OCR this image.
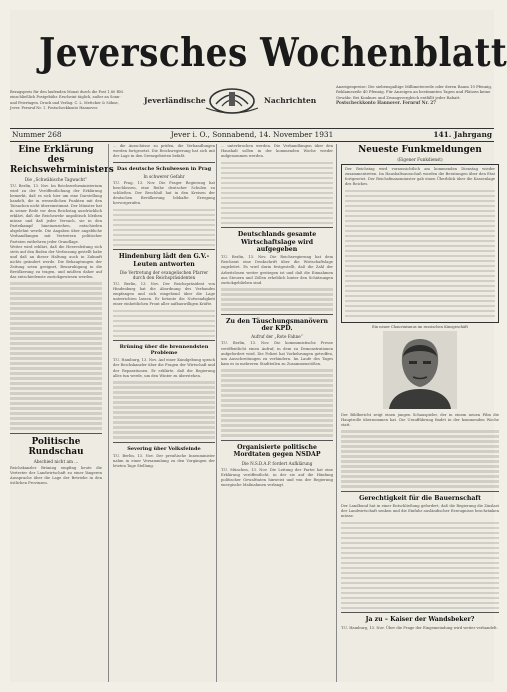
Jeversches Wochenblatt
Bezugspreis für den laufenden Monat durch die Post 1,80 RM. einschließlich Postgebühr. Erscheint täglich, außer an Sonn- und Feiertagen. Druck und Verlag: C. L. Mettcker & Söhne, Jever. Fernruf Nr. 1. Postscheckkonto Hannover.
Jeverländische	Nachrichten
Anzeigenpreise: Die siebenspaltige Millimeterzeile oder deren Raum 10 Pfennig, Reklamezeile 40 Pfennig. Für Anzeigen an bestimmten Tagen und Plätzen keine Gewähr. Bei Konkurs und Zwangsvergleich entfällt jeder Rabatt.
Postscheckkonto Hannover. Fernruf Nr. 27
Nummer 268	Jever i. O., Sonnabend, 14. November 1931	141. Jahrgang
Eine Erklärung des Reichswehrministers
Die „Schwäbische Tagwacht“
T.U. Berlin, 13. Nov. Im Reichswehrministerium wird zu der Veröffentlichung der Erklärung bemerkt, daß es sich hier um eine Darstellung handelt, die in wesentlichen Punkten mit den Tatsachen nicht übereinstimmt. Der Minister hat in seiner Rede vor dem Reichstag ausdrücklich erklärt, daß die Reichswehr unpolitisch bleiben müsse und daß jeder Versuch, sie in den Parteikampf hineinzuziehen, entschieden abgelehnt werde. Die Angaben über angebliche Verhandlungen mit Vertretern politischer Parteien entbehren jeder Grundlage.
Weiter wird erklärt, daß die Heeresleitung sich stets auf den Boden der Verfassung gestellt habe und daß an dieser Haltung auch in Zukunft nichts geändert werde. Die Behauptungen der Zeitung seien geeignet, Beunruhigung in die Bevölkerung zu tragen, und müßten daher auf das entschiedenste zurückgewiesen werden.
Politische Rundschau
Abschied nicht am ...
Reichskanzler Brüning empfing heute die Vertreter der Landwirtschaft zu einer längeren Aussprache über die Lage der Betriebe in den östlichen Provinzen.
... die Ausschüsse zu prüfen, die Verhandlungen werden fortgesetzt. Die Reichsregierung hat sich mit der Lage in den Grenzgebieten befaßt.
Das deutsche Schulwesen in Prag
In schwerer Gefahr
T.U. Prag, 13. Nov. Die Prager Regierung hat beschlossen, eine Reihe deutscher Schulen zu schließen. Der Beschluß hat in den Kreisen der deutschen Bevölkerung lebhafte Erregung hervorgerufen.
Hindenburg lädt den G.V.-Leuten antworten
Die Vertretung der evangelischen Pfarrer durch den Reichspräsidenten
T.U. Berlin, 13. Nov. Der Reichspräsident von Hindenburg hat die Abordnung des Verbandes empfangen und sich eingehend über die Lage unterrichten lassen. Er betonte die Notwendigkeit einer einheitlichen Front aller aufbauwilligen Kräfte.
Brüning über die brennendsten Probleme
T.U. Hamburg, 13. Nov. Auf einer Kundgebung sprach der Reichskanzler über die Fragen der Wirtschaft und der Reparationen. Er erklärte, daß die Regierung alles tun werde, um den Winter zu überstehen.
Severing über Volksfeinde
T.U. Berlin, 13. Nov. Der preußische Innenminister nahm in einer Versammlung zu den Vorgängen der letzten Tage Stellung.
... unterbrochen werden. Die Verhandlungen über den Haushalt sollen in der kommenden Woche wieder aufgenommen werden.
Deutschlands gesamte Wirtschaftslage wird aufgegeben
T.U. Berlin, 13. Nov. Die Reichsregierung hat dem Reichsrat eine Denkschrift über die Wirtschaftslage zugeleitet. Es wird darin festgestellt, daß die Zahl der Arbeitslosen weiter gestiegen ist und daß die Einnahmen aus Steuern und Zöllen erheblich hinter den Schätzungen zurückgeblieben sind.
Zu den Täuschungsmanövern der KPD.
Aufruf der „Rote Fahne“
T.U. Berlin, 13. Nov. Die kommunistische Presse veröffentlicht einen Aufruf, in dem zu Demonstrationen aufgefordert wird. Die Polizei hat Vorkehrungen getroffen, um Ausschreitungen zu verhindern. Im Laufe des Tages kam es in mehreren Stadtteilen zu Zusammenstößen.
Organisierte politische Mordtaten gegen NSDAP
Die N.S.D.A.P. fordert Aufklärung
T.U. München, 13. Nov. Die Leitung der Partei hat eine Erklärung veröffentlicht, in der sie auf die Häufung politischer Gewalttaten hinweist und von der Regierung energische Maßnahmen verlangt.
Neueste Funkmeldungen
(Eigener Funkdienst)
Der Reichstag wird voraussichtlich am kommenden Dienstag wieder zusammentreten. Im Haushaltsausschuß wurden die Beratungen über den Etat fortgesetzt. Der Reichsfinanzminister gab einen Überblick über die Kassenlage des Reiches.
Ein neuer Chauvinismus im russischen Kinogeschäft
Der Bildbericht zeigt einen jungen Schauspieler, der in einem neuen Film die Hauptrolle übernommen hat. Die Uraufführung findet in der kommenden Woche statt.
Gerechtigkeit für die Bauernschaft
Der Landbund hat in einer Entschließung gefordert, daß die Regierung die Zinslast der Landwirtschaft senken und die Einfuhr ausländischer Erzeugnisse beschränken müsse.
Ja zu – Kaiser der Wandsbeker?
T.U. Hamburg, 13. Nov. Über die Frage der Eingemeindung wird weiter verhandelt.
